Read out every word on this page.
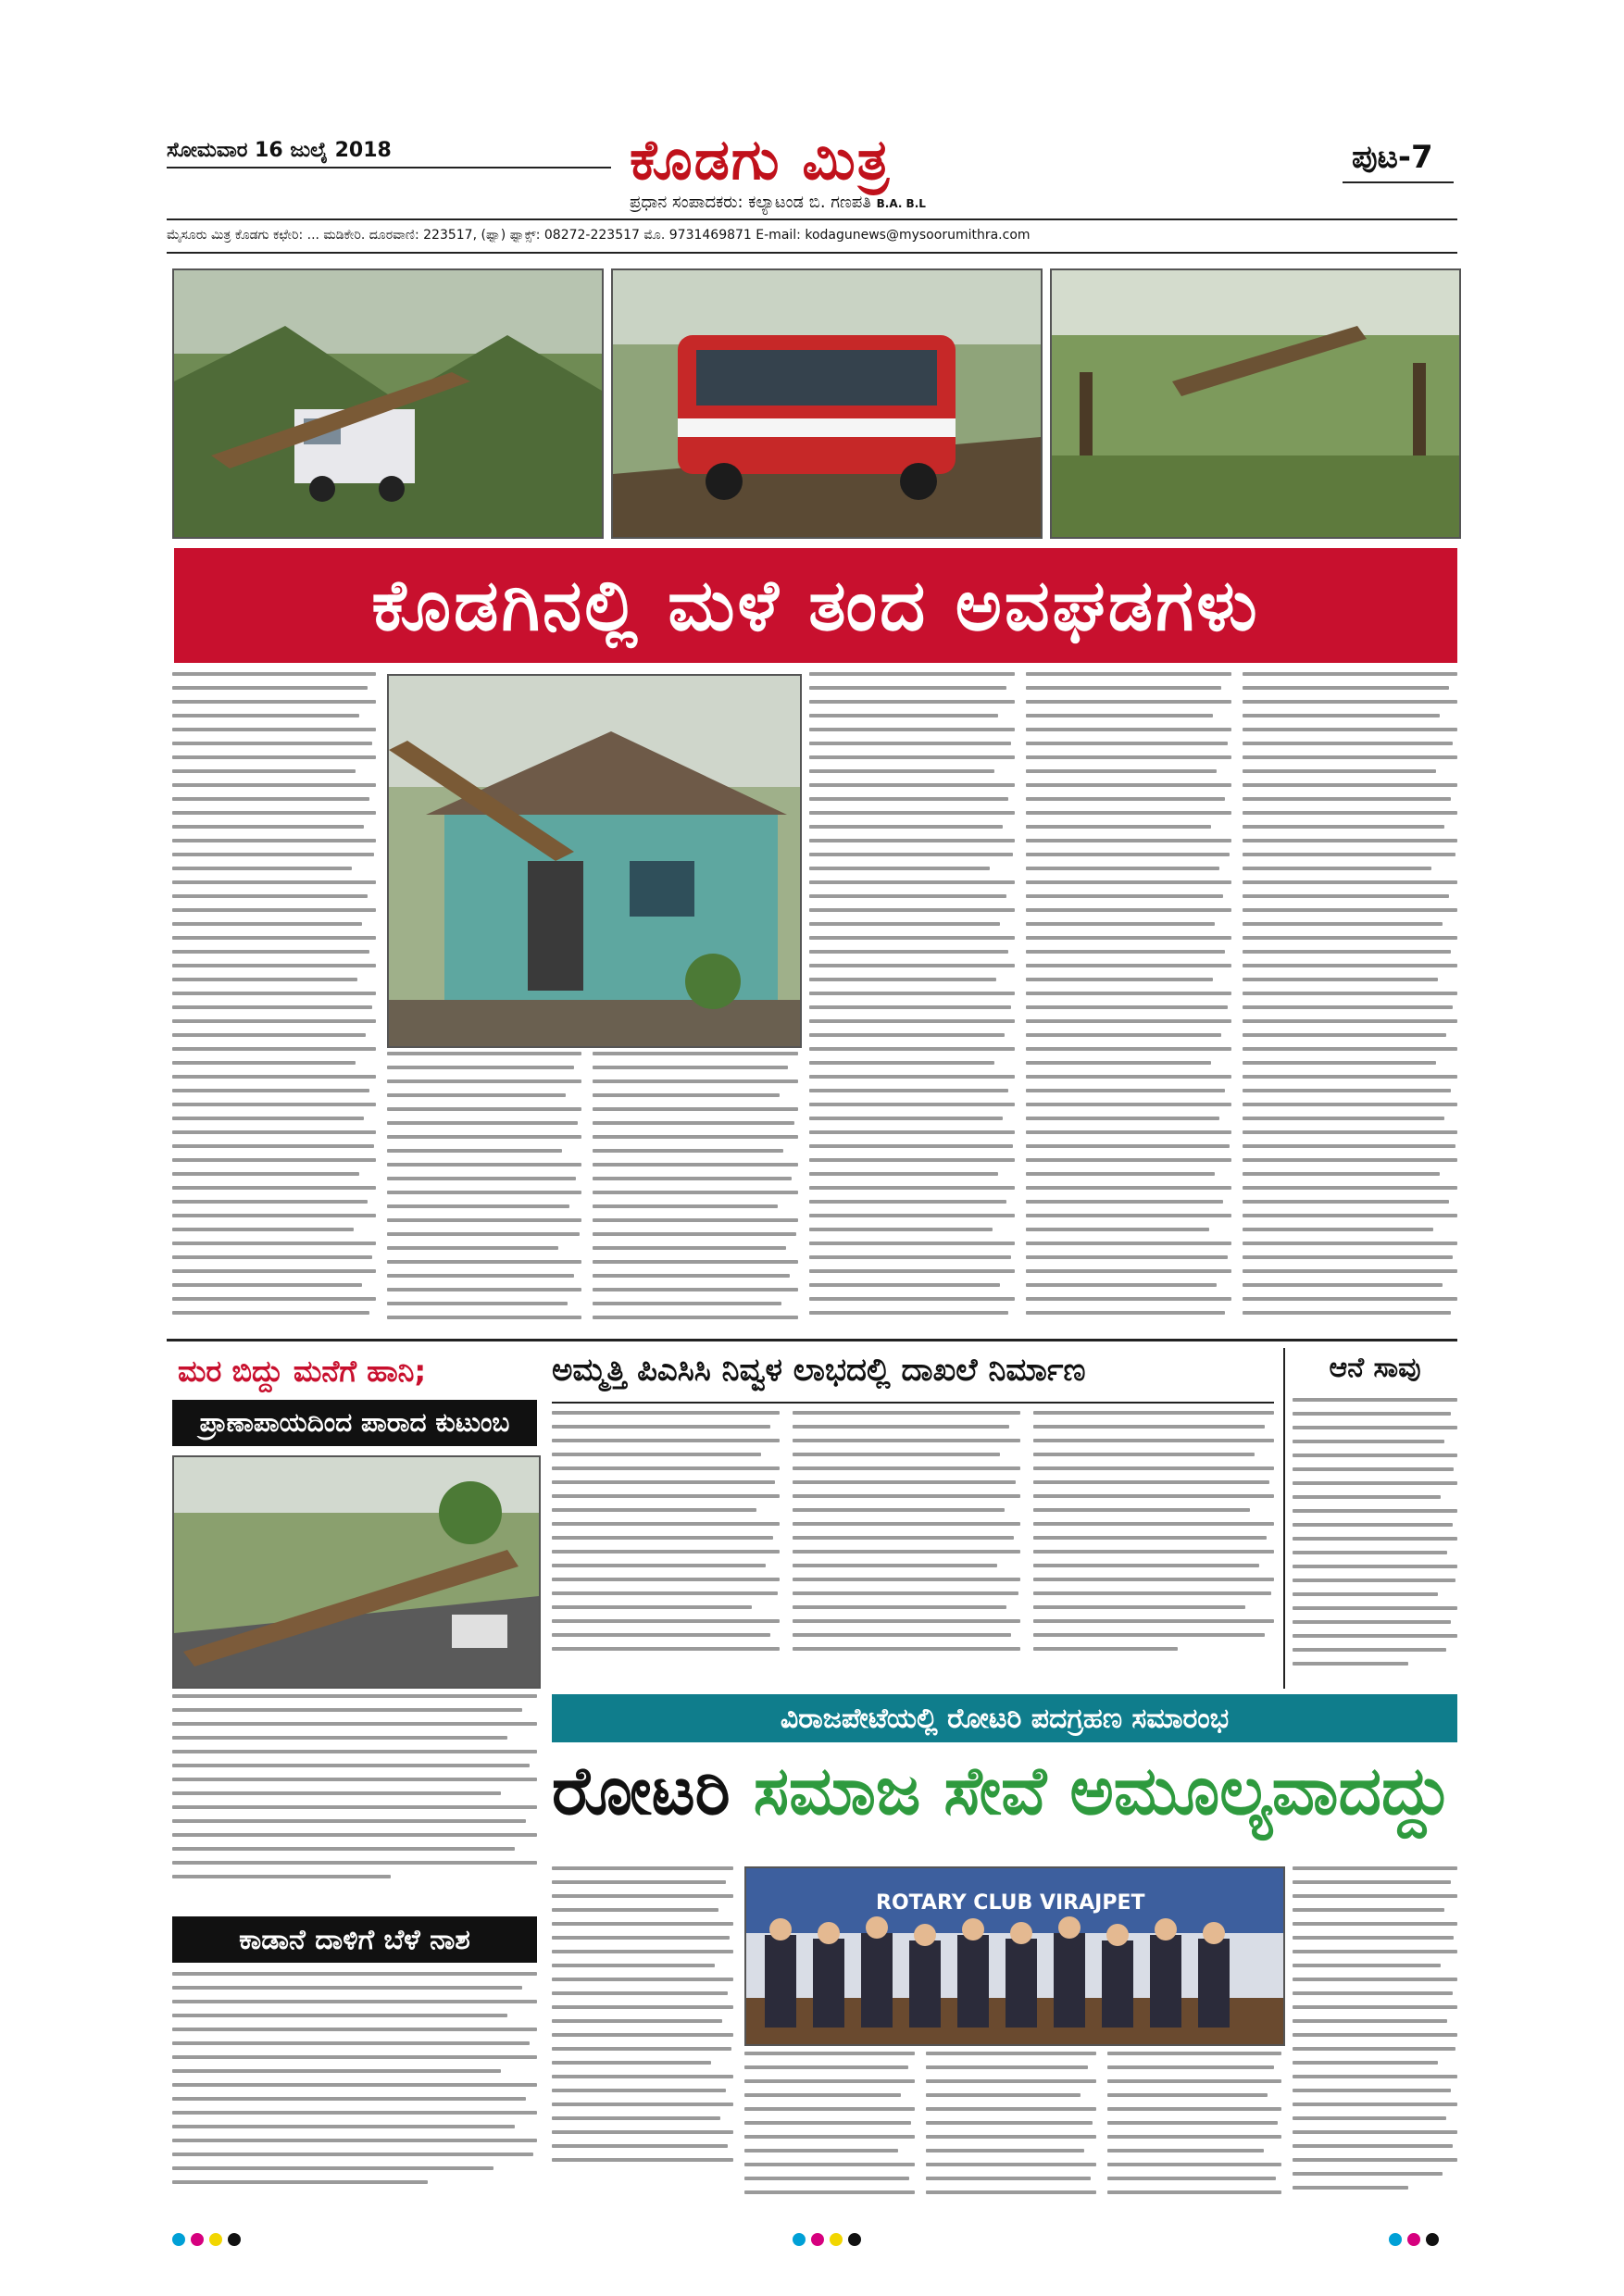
ಸೋಮವಾರ 16 ಜುಲೈ 2018	ಕೊಡಗು ಮಿತ್ರ
ಪ್ರಧಾನ ಸಂಪಾದಕರು: ಕಲ್ಯಾಟಂಡ ಬಿ. ಗಣಪತಿ B.A. B.L
ಪುಟ-7
ಮೈಸೂರು ಮಿತ್ರ ಕೊಡಗು ಕಛೇರಿ: ... ಮಡಿಕೇರಿ. ದೂರವಾಣಿ: 223517, (ಫ್ಯಾ) ಫ್ಯಾಕ್ಸ್: 08272-223517 ಮೊ. 9731469871 E-mail: kodagunews@mysoorumithra.com
ಕೊಡಗಿನಲ್ಲಿ ಮಳೆ ತಂದ ಅವಘಡಗಳು
ಮರ ಬಿದ್ದು ಮನೆಗೆ ಹಾನಿ;
ಪ್ರಾಣಾಪಾಯದಿಂದ ಪಾರಾದ ಕುಟುಂಬ
ಕಾಡಾನೆ ದಾಳಿಗೆ ಬೆಳೆ ನಾಶ
ಅಮ್ಮತ್ತಿ ಪಿಎಸಿಸಿ ನಿವ್ವಳ ಲಾಭದಲ್ಲಿ ದಾಖಲೆ ನಿರ್ಮಾಣ	ಆನೆ ಸಾವು
ವಿರಾಜಪೇಟೆಯಲ್ಲಿ ರೋಟರಿ ಪದಗ್ರಹಣ ಸಮಾರಂಭ
ರೋಟರಿ ಸಮಾಜ ಸೇವೆ ಅಮೂಲ್ಯವಾದದ್ದು
ROTARY CLUB VIRAJPET
